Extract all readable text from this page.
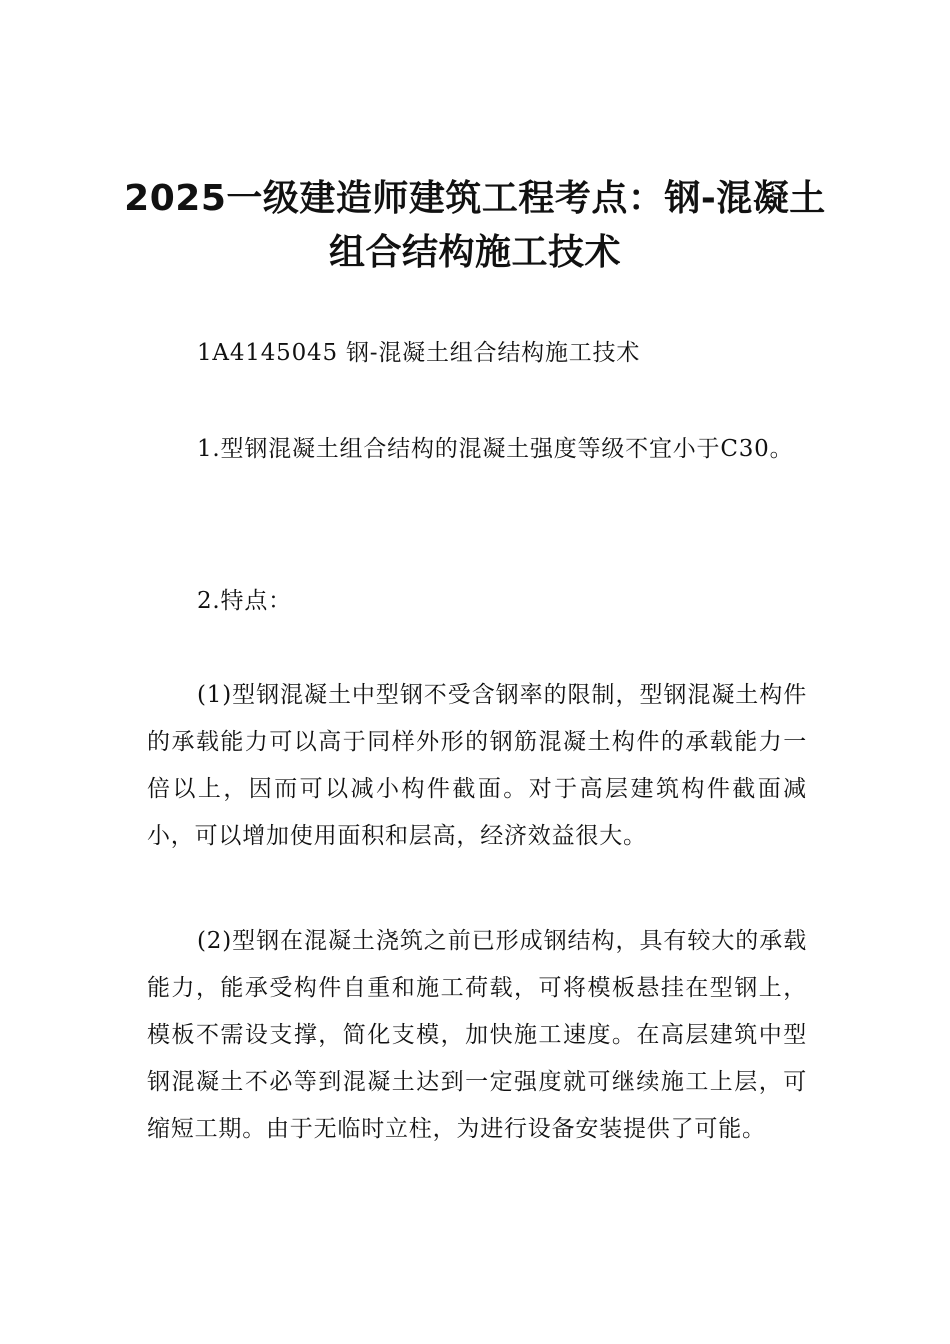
2025一级建造师建筑工程考点：钢-混凝土组合结构施工技术

1A4145045 钢-混凝土组合结构施工技术

1.型钢混凝土组合结构的混凝土强度等级不宜小于C30。

2.特点：

(1)型钢混凝土中型钢不受含钢率的限制，型钢混凝土构件的承载能力可以高于同样外形的钢筋混凝土构件的承载能力一倍以上，因而可以减小构件截面。对于高层建筑构件截面减小，可以增加使用面积和层高，经济效益很大。

(2)型钢在混凝土浇筑之前已形成钢结构，具有较大的承载能力，能承受构件自重和施工荷载，可将模板悬挂在型钢上，模板不需设支撑，简化支模，加快施工速度。在高层建筑中型钢混凝土不必等到混凝土达到一定强度就可继续施工上层，可缩短工期。由于无临时立柱，为进行设备安装提供了可能。
